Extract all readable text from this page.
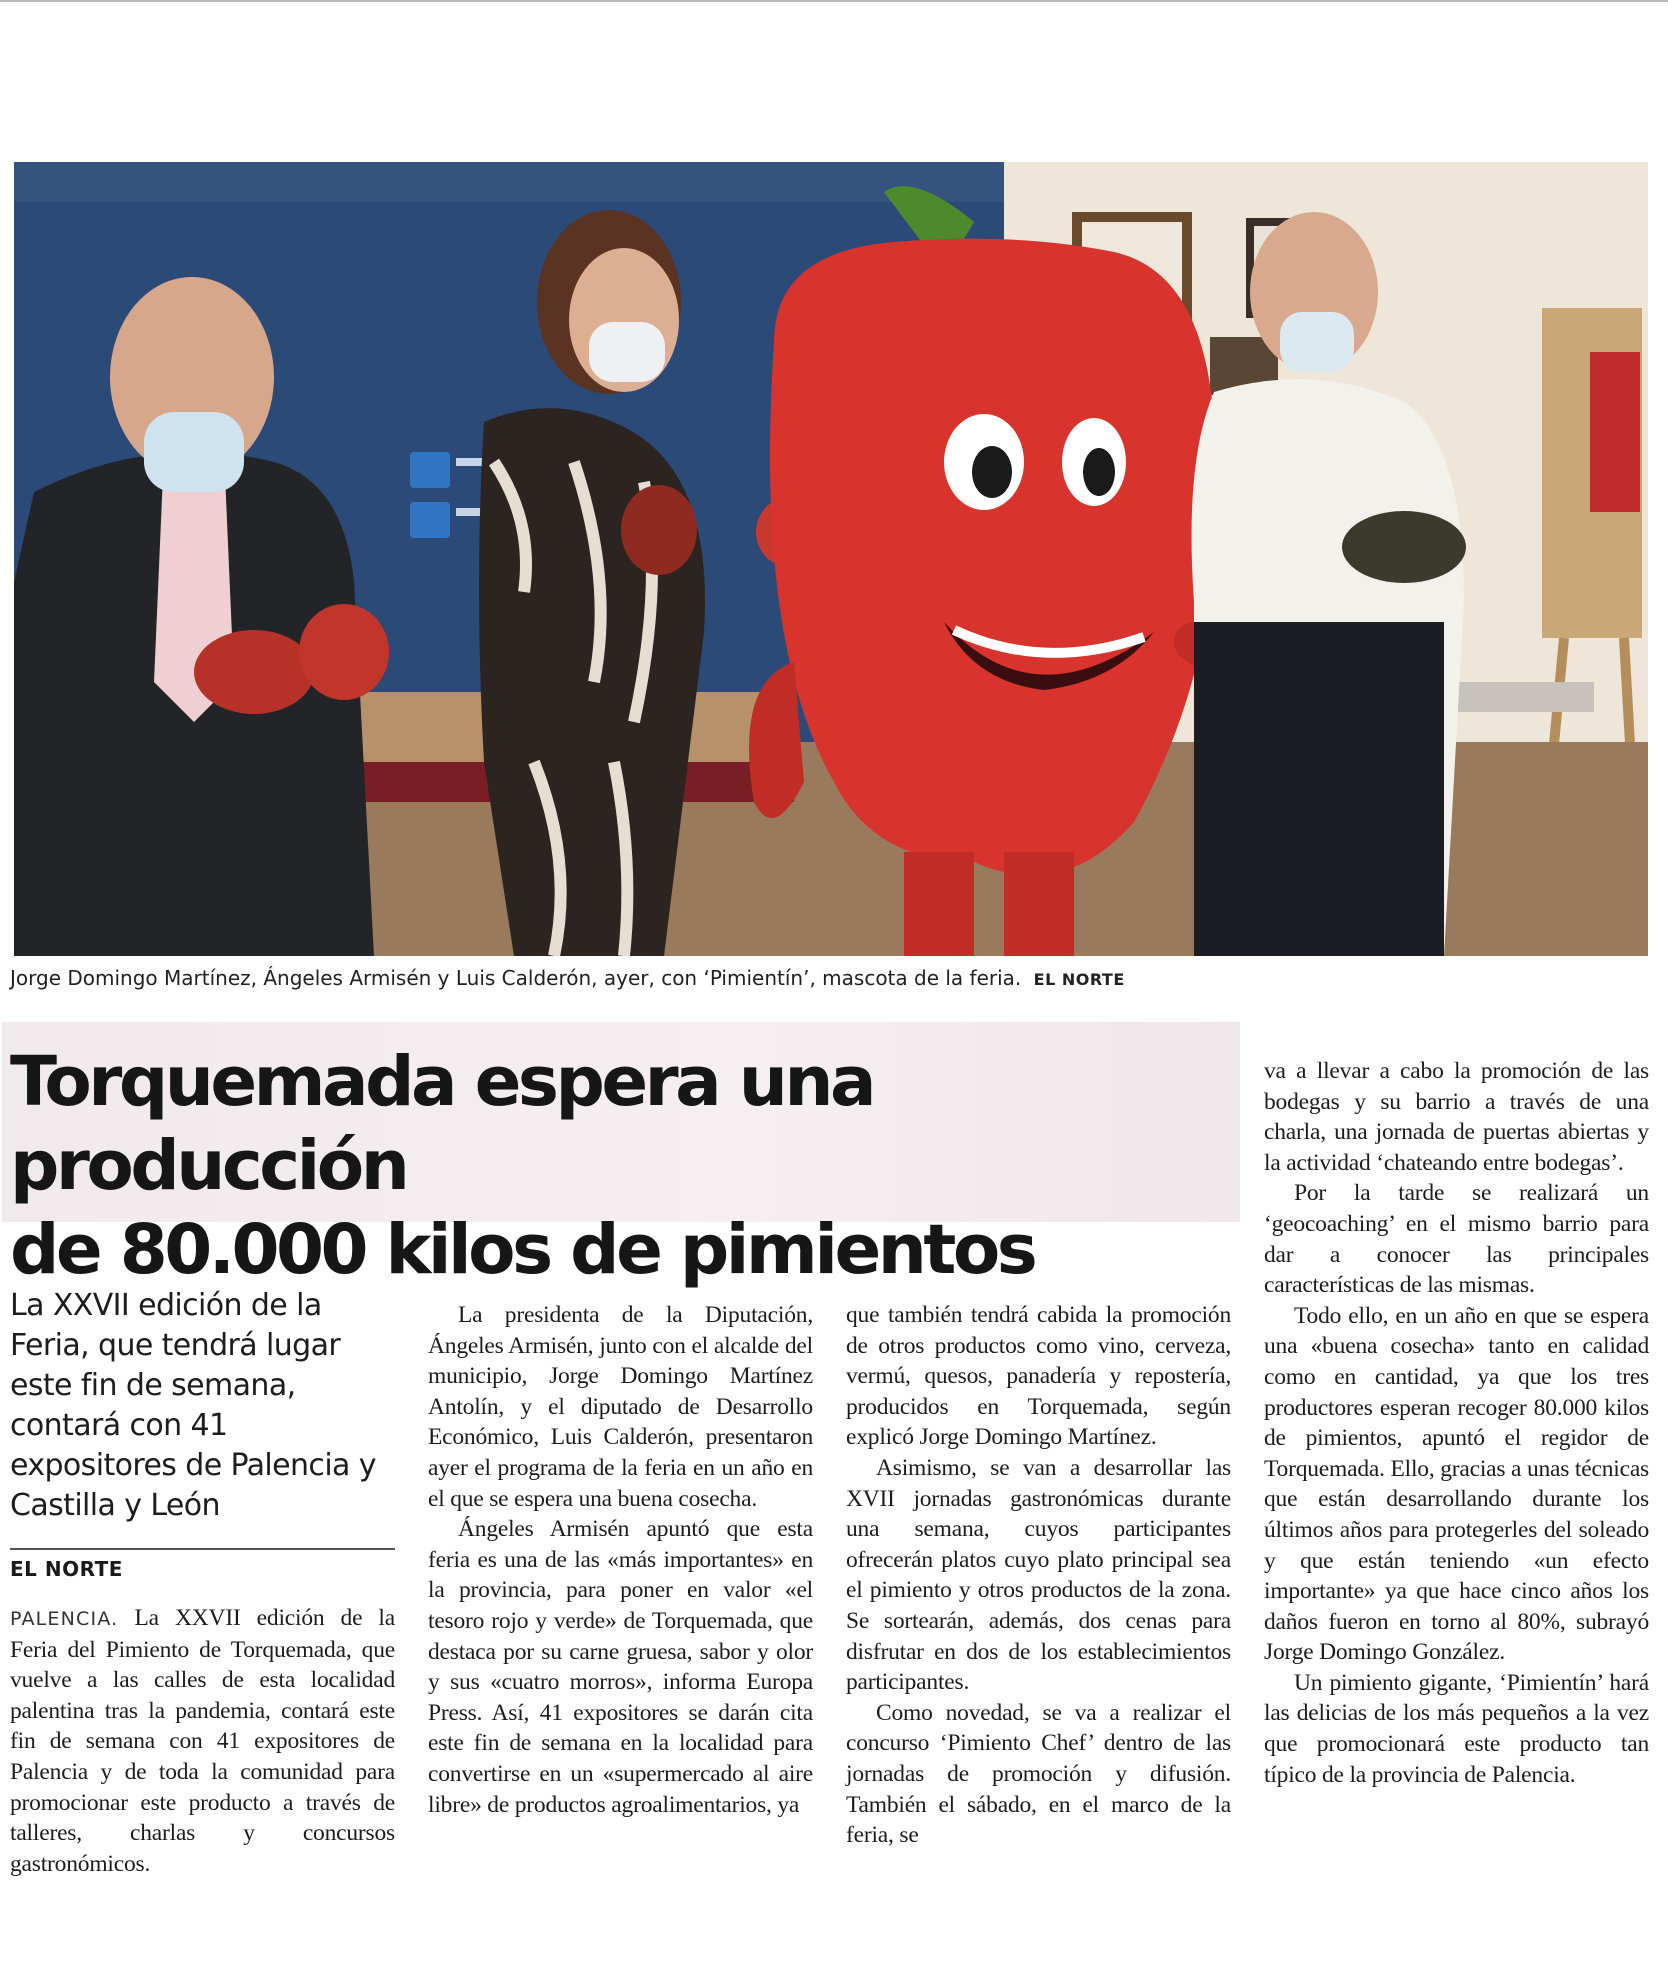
Jorge Domingo Martínez, Ángeles Armisén y Luis Calderón, ayer, con ‘Pimientín’, mascota de la feria. EL NORTE
Torquemada espera una producción
de 80.000 kilos de pimientos

La XXVII edición de la Feria, que tendrá lugar este fin de semana, contará con 41 expositores de Palencia y Castilla y León

EL NORTE

PALENCIA. La XXVII edición de la Feria del Pimiento de Torquemada, que vuelve a las calles de esta localidad palentina tras la pandemia, contará este fin de semana con 41 expositores de Palencia y de toda la comunidad para promocionar este producto a través de talleres, charlas y concursos gastronómicos.

La presidenta de la Diputación, Ángeles Armisén, junto con el alcalde del municipio, Jorge Domingo Martínez Antolín, y el diputado de Desarrollo Económico, Luis Calderón, presentaron ayer el programa de la feria en un año en el que se espera una buena cosecha.

Ángeles Armisén apuntó que esta feria es una de las «más importantes» en la provincia, para poner en valor «el tesoro rojo y verde» de Torquemada, que destaca por su carne gruesa, sabor y olor y sus «cuatro morros», informa Europa Press. Así, 41 expositores se darán cita este fin de semana en la localidad para convertirse en un «supermercado al aire libre» de productos agroalimentarios, ya

que también tendrá cabida la promoción de otros productos como vino, cerveza, vermú, quesos, panadería y repostería, producidos en Torquemada, según explicó Jorge Domingo Martínez.

Asimismo, se van a desarrollar las XVII jornadas gastronómicas durante una semana, cuyos participantes ofrecerán platos cuyo plato principal sea el pimiento y otros productos de la zona. Se sortearán, además, dos cenas para disfrutar en dos de los establecimientos participantes.

Como novedad, se va a realizar el concurso ‘Pimiento Chef’ dentro de las jornadas de promoción y difusión. También el sábado, en el marco de la feria, se

va a llevar a cabo la promoción de las bodegas y su barrio a través de una charla, una jornada de puertas abiertas y la actividad ‘chateando entre bodegas’.

Por la tarde se realizará un ‘geocoaching’ en el mismo barrio para dar a conocer las principales características de las mismas.

Todo ello, en un año en que se espera una «buena cosecha» tanto en calidad como en cantidad, ya que los tres productores esperan recoger 80.000 kilos de pimientos, apuntó el regidor de Torquemada. Ello, gracias a unas técnicas que están desarrollando durante los últimos años para protegerles del soleado y que están teniendo «un efecto importante» ya que hace cinco años los daños fueron en torno al 80%, subrayó Jorge Domingo González.

Un pimiento gigante, ‘Pimientín’ hará las delicias de los más pequeños a la vez que promocionará este producto tan típico de la provincia de Palencia.
